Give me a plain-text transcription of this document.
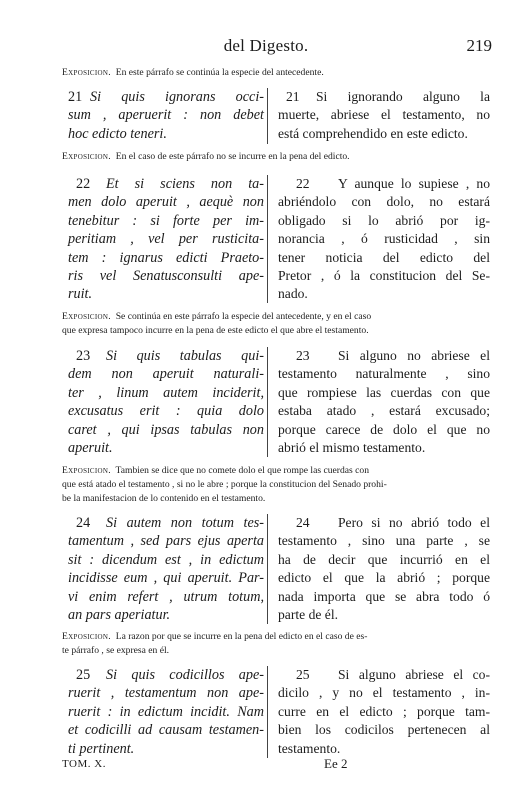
del Digesto.	219
Exposicion. En este párrafo se continúa la especie del antecedente.
21 Si quis ignorans occi-
sum , aperuerit : non debet
hoc edicto teneri.
21 Si ignorando alguno la
muerte, abriese el testamento, no
está comprehendido en este edicto.
Exposicion. En el caso de este párrafo no se incurre en la pena del edicto.
22 Et si sciens non ta-
men dolo aperuit , aequè non
tenebitur : si forte per im-
peritiam , vel per rusticita-
tem : ignarus edicti Praeto-
ris vel Senatusconsulti ape-
ruit.
22 Y aunque lo supiese , no
abriéndolo con dolo, no estará
obligado si lo abrió por ig-
norancia , ó rusticidad , sin
tener noticia del edicto del
Pretor , ó la constitucion del Se-
nado.
Exposicion. Se continúa en este párrafo la especie del antecedente, y en el caso
que expresa tampoco incurre en la pena de este edicto el que abre el testamento.
23 Si quis tabulas qui-
dem non aperuit naturali-
ter , linum autem inciderit,
excusatus erit : quia dolo
caret , qui ipsas tabulas non
aperuit.
23 Si alguno no abriese el
testamento naturalmente , sino
que rompiese las cuerdas con que
estaba atado , estará excusado;
porque carece de dolo el que no
abrió el mismo testamento.
Exposicion. Tambien se dice que no comete dolo el que rompe las cuerdas con
que está atado el testamento , si no le abre ; porque la constitucion del Senado prohi-
be la manifestacion de lo contenido en el testamento.
24 Si autem non totum tes-
tamentum , sed pars ejus aperta
sit : dicendum est , in edictum
incidisse eum , qui aperuit. Par-
vi enim refert , utrum totum,
an pars aperiatur.
24 Pero si no abrió todo el
testamento , sino una parte , se
ha de decir que incurrió en el
edicto el que la abrió ; porque
nada importa que se abra todo ó
parte de él.
Exposicion. La razon por que se incurre en la pena del edicto en el caso de es-
te párrafo , se expresa en él.
25 Si quis codicillos ape-
ruerit , testamentum non ape-
ruerit : in edictum incidit. Nam
et codicilli ad causam testamen-
ti pertinent.
25 Si alguno abriese el co-
dicilo , y no el testamento , in-
curre en el edicto ; porque tam-
bien los codicilos pertenecen al
testamento.
TOM. X.	Ee 2
